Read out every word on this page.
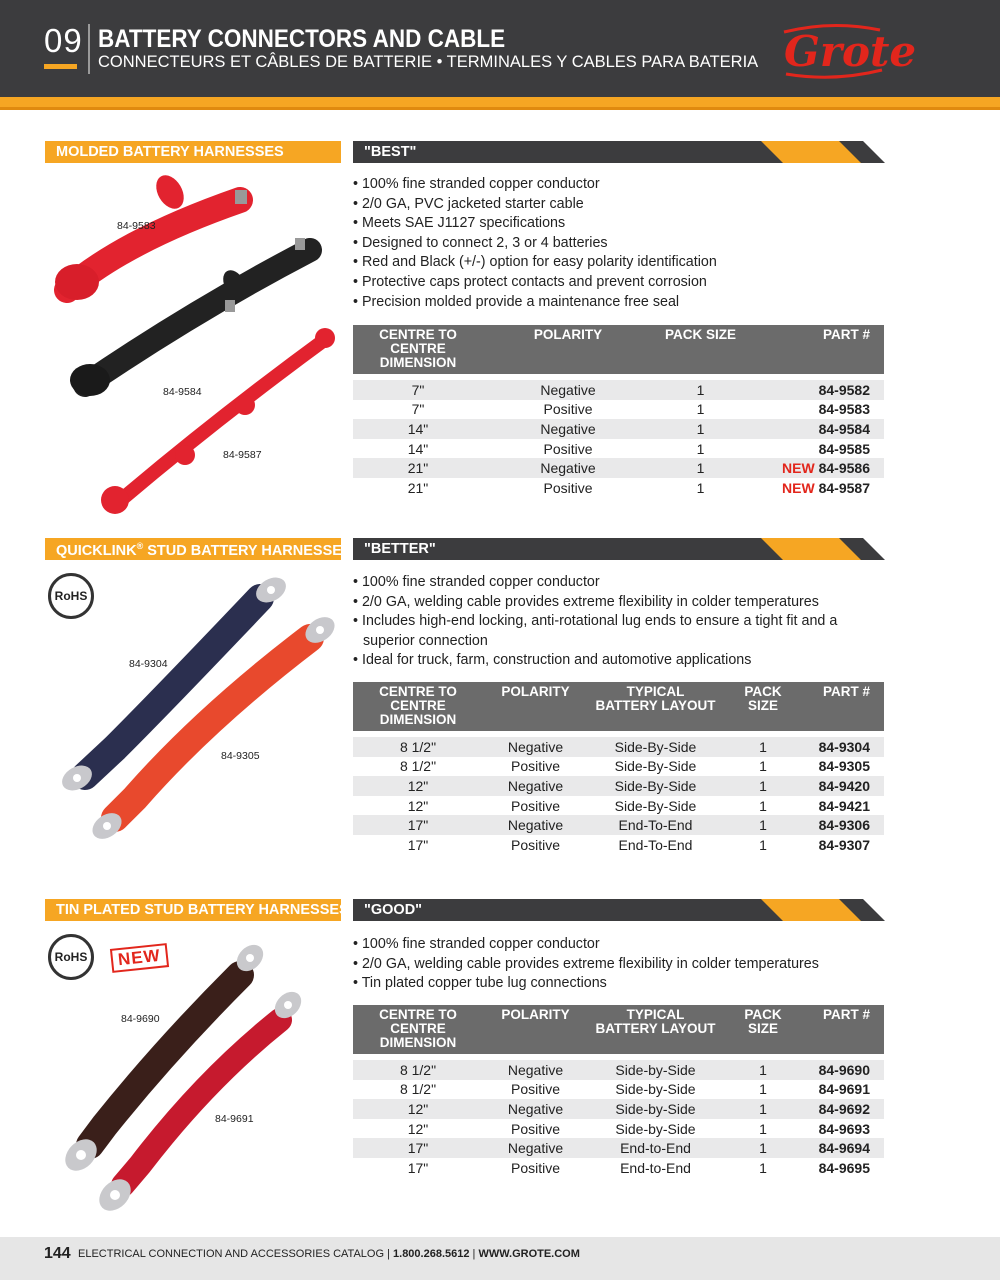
09 BATTERY CONNECTORS AND CABLE
CONNECTEURS ET CÂBLES DE BATTERIE • TERMINALES Y CABLES PARA BATERIA Grote
MOLDED BATTERY HARNESSES	"BEST"
84-9583
84-9584
84-9587
• 100% fine stranded copper conductor
• 2/0 GA, PVC jacketed starter cable
• Meets SAE J1127 specifications
• Designed to connect 2, 3 or 4 batteries
• Red and Black (+/-) option for easy polarity identification
• Protective caps protect contacts and prevent corrosion
• Precision molded provide a maintenance free seal
CENTRE TO CENTRE DIMENSION	POLARITY	PACK SIZE	PART #

7"	Negative	1	84-9582
7"	Positive	1	84-9583
14"	Negative	1	84-9584
14"	Positive	1	84-9585
21"	Negative	1	NEW 84-9586
21"	Positive	1	NEW 84-9587
QUICKLINK® STUD BATTERY HARNESSES "BETTER"
RoHS
84-9304
84-9305
• 100% fine stranded copper conductor
• 2/0 GA, welding cable provides extreme flexibility in colder temperatures
• Includes high-end locking, anti-rotational lug ends to ensure a tight fit and a superior connection
• Ideal for truck, farm, construction and automotive applications
CENTRE TO CENTRE DIMENSION	POLARITY	TYPICAL BATTERY LAYOUT	PACK SIZE	PART #

8 1/2"	Negative	Side-By-Side	1	84-9304
8 1/2"	Positive	Side-By-Side	1	84-9305
12"	Negative	Side-By-Side	1	84-9420
12"	Positive	Side-By-Side	1	84-9421
17"	Negative	End-To-End	1	84-9306
17"	Positive	End-To-End	1	84-9307
TIN PLATED STUD BATTERY HARNESSES "GOOD"
RoHS	NEW
84-9690
84-9691
• 100% fine stranded copper conductor
• 2/0 GA, welding cable provides extreme flexibility in colder temperatures
• Tin plated copper tube lug connections
CENTRE TO CENTRE DIMENSION	POLARITY	TYPICAL BATTERY LAYOUT	PACK SIZE	PART #

8 1/2"	Negative	Side-by-Side	1	84-9690
8 1/2"	Positive	Side-by-Side	1	84-9691
12"	Negative	Side-by-Side	1	84-9692
12"	Positive	Side-by-Side	1	84-9693
17"	Negative	End-to-End	1	84-9694
17"	Positive	End-to-End	1	84-9695
144 ELECTRICAL CONNECTION AND ACCESSORIES CATALOG | 1.800.268.5612 | WWW.GROTE.COM
